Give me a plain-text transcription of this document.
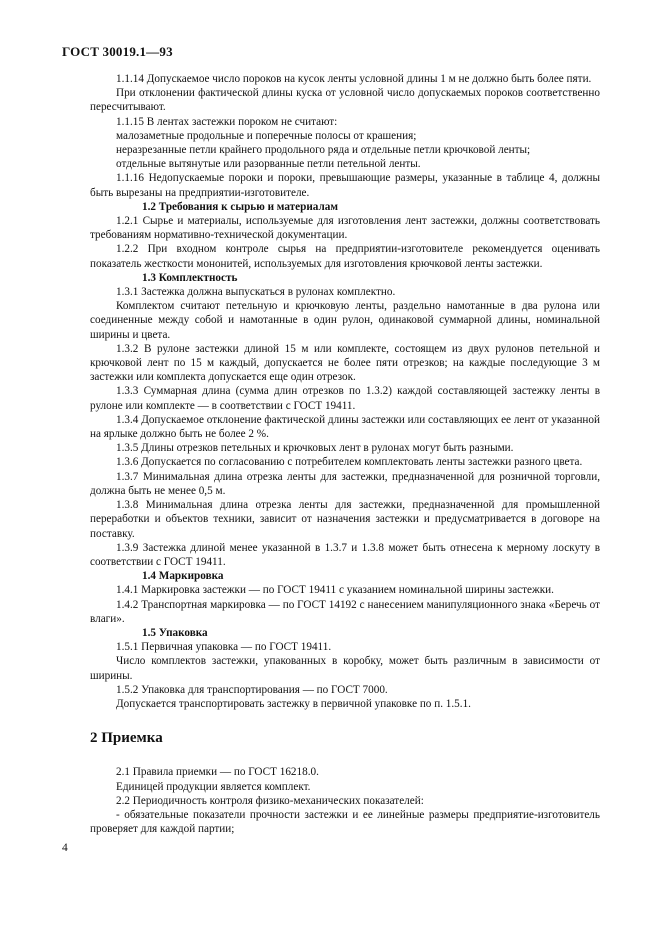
ГОСТ 30019.1—93
1.1.14 Допускаемое число пороков на кусок ленты условной длины 1 м не должно быть более пяти.
При отклонении фактической длины куска от условной число допускаемых пороков соответственно пересчитывают.
1.1.15 В лентах застежки пороком не считают:
малозаметные продольные и поперечные полосы от крашения;
неразрезанные петли крайнего продольного ряда и отдельные петли крючковой ленты;
отдельные вытянутые или разорванные петли петельной ленты.
1.1.16 Недопускаемые пороки и пороки, превышающие размеры, указанные в таблице 4, должны быть вырезаны на предприятии-изготовителе.
1.2 Требования к сырью и материалам
1.2.1 Сырье и материалы, используемые для изготовления лент застежки, должны соответствовать требованиям нормативно-технической документации.
1.2.2 При входном контроле сырья на предприятии-изготовителе рекомендуется оценивать показатель жесткости мононитей, используемых для изготовления крючковой ленты застежки.
1.3 Комплектность
1.3.1 Застежка должна выпускаться в рулонах комплектно.
Комплектом считают петельную и крючковую ленты, раздельно намотанные в два рулона или соединенные между собой и намотанные в один рулон, одинаковой суммарной длины, номинальной ширины и цвета.
1.3.2 В рулоне застежки длиной 15 м или комплекте, состоящем из двух рулонов петельной и крючковой лент по 15 м каждый, допускается не более пяти отрезков; на каждые последующие 3 м застежки или комплекта допускается еще один отрезок.
1.3.3 Суммарная длина (сумма длин отрезков по 1.3.2) каждой составляющей застежку ленты в рулоне или комплекте — в соответствии с ГОСТ 19411.
1.3.4 Допускаемое отклонение фактической длины застежки или составляющих ее лент от указанной на ярлыке должно быть не более 2 %.
1.3.5 Длины отрезков петельных и крючковых лент в рулонах могут быть разными.
1.3.6 Допускается по согласованию с потребителем комплектовать ленты застежки разного цвета.
1.3.7 Минимальная длина отрезка ленты для застежки, предназначенной для розничной торговли, должна быть не менее 0,5 м.
1.3.8 Минимальная длина отрезка ленты для застежки, предназначенной для промышленной переработки и объектов техники, зависит от назначения застежки и предусматривается в договоре на поставку.
1.3.9 Застежка длиной менее указанной в 1.3.7 и 1.3.8 может быть отнесена к мерному лоскуту в соответствии с ГОСТ 19411.
1.4 Маркировка
1.4.1 Маркировка застежки — по ГОСТ 19411 с указанием номинальной ширины застежки.
1.4.2 Транспортная маркировка — по ГОСТ 14192 с нанесением манипуляционного знака «Беречь от влаги».
1.5 Упаковка
1.5.1 Первичная упаковка — по ГОСТ 19411.
Число комплектов застежки, упакованных в коробку, может быть различным в зависимости от ширины.
1.5.2 Упаковка для транспортирования — по ГОСТ 7000.
Допускается транспортировать застежку в первичной упаковке по п. 1.5.1.
2 Приемка
2.1 Правила приемки — по ГОСТ 16218.0.
Единицей продукции является комплект.
2.2 Периодичность контроля физико-механических показателей:
- обязательные показатели прочности застежки и ее линейные размеры предприятие-изготовитель проверяет для каждой партии;
4
